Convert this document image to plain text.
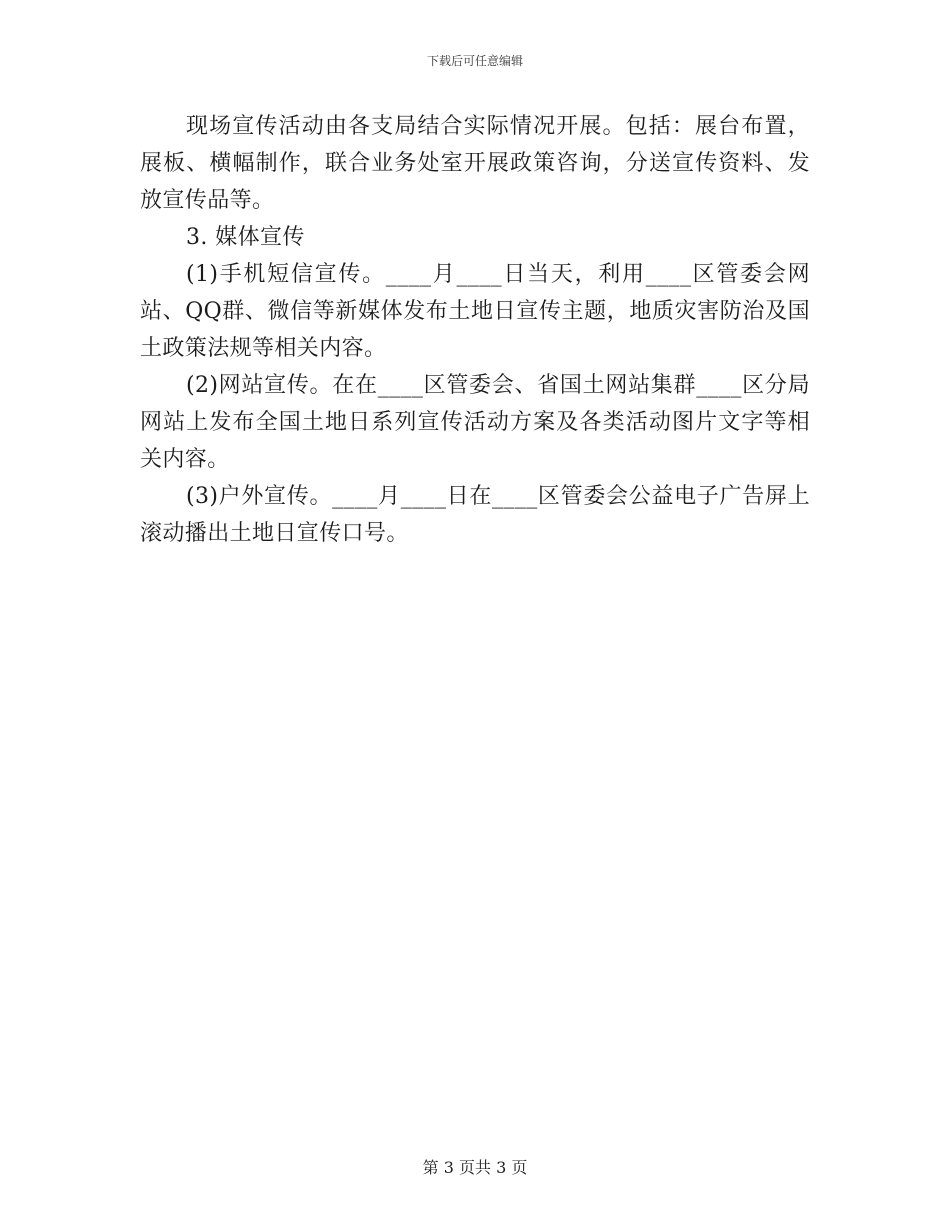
下载后可任意编辑

现场宣传活动由各支局结合实际情况开展。包括：展台布置，展板、横幅制作，联合业务处室开展政策咨询，分送宣传资料、发放宣传品等。

3. 媒体宣传

(1)手机短信宣传。____月____日当天，利用____区管委会网站、QQ群、微信等新媒体发布土地日宣传主题，地质灾害防治及国土政策法规等相关内容。

(2)网站宣传。在在____区管委会、省国土网站集群____区分局网站上发布全国土地日系列宣传活动方案及各类活动图片文字等相关内容。

(3)户外宣传。____月____日在____区管委会公益电子广告屏上滚动播出土地日宣传口号。

第 3 页共 3 页
